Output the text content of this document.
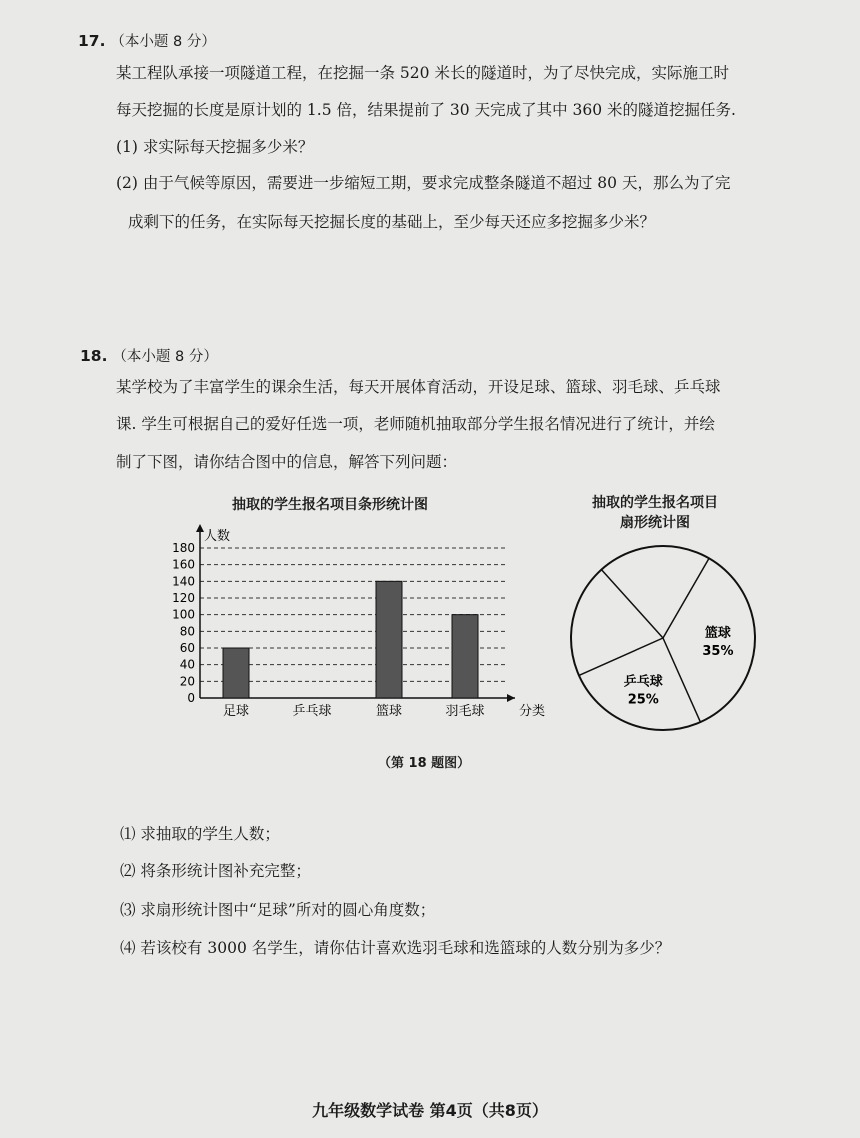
17. （本小题 8 分）

某工程队承接一项隧道工程，在挖掘一条 520 米长的隧道时，为了尽快完成，实际施工时

每天挖掘的长度是原计划的 1.5 倍，结果提前了 30 天完成了其中 360 米的隧道挖掘任务.

(1) 求实际每天挖掘多少米？

(2) 由于气候等原因，需要进一步缩短工期，要求完成整条隧道不超过 80 天，那么为了完

成剩下的任务，在实际每天挖掘长度的基础上，至少每天还应多挖掘多少米？

18. （本小题 8 分）

某学校为了丰富学生的课余生活，每天开展体育活动，开设足球、篮球、羽毛球、乒乓球

课. 学生可根据自己的爱好任选一项，老师随机抽取部分学生报名情况进行了统计，并绘

制了下图，请你结合图中的信息，解答下列问题：

抽取的学生报名项目条形统计图
0
20
40
60
80
100
120
140
160
180
人数
分类
足球	乒乓球	篮球	羽毛球
抽取的学生报名项目
扇形统计图
篮球
35%
乒乓球
25%
（第 18 题图）

⑴ 求抽取的学生人数；

⑵ 将条形统计图补充完整；

⑶ 求扇形统计图中“足球”所对的圆心角度数；

⑷ 若该校有 3000 名学生，请你估计喜欢选羽毛球和选篮球的人数分别为多少？

九年级数学试卷 第4页（共8页）
